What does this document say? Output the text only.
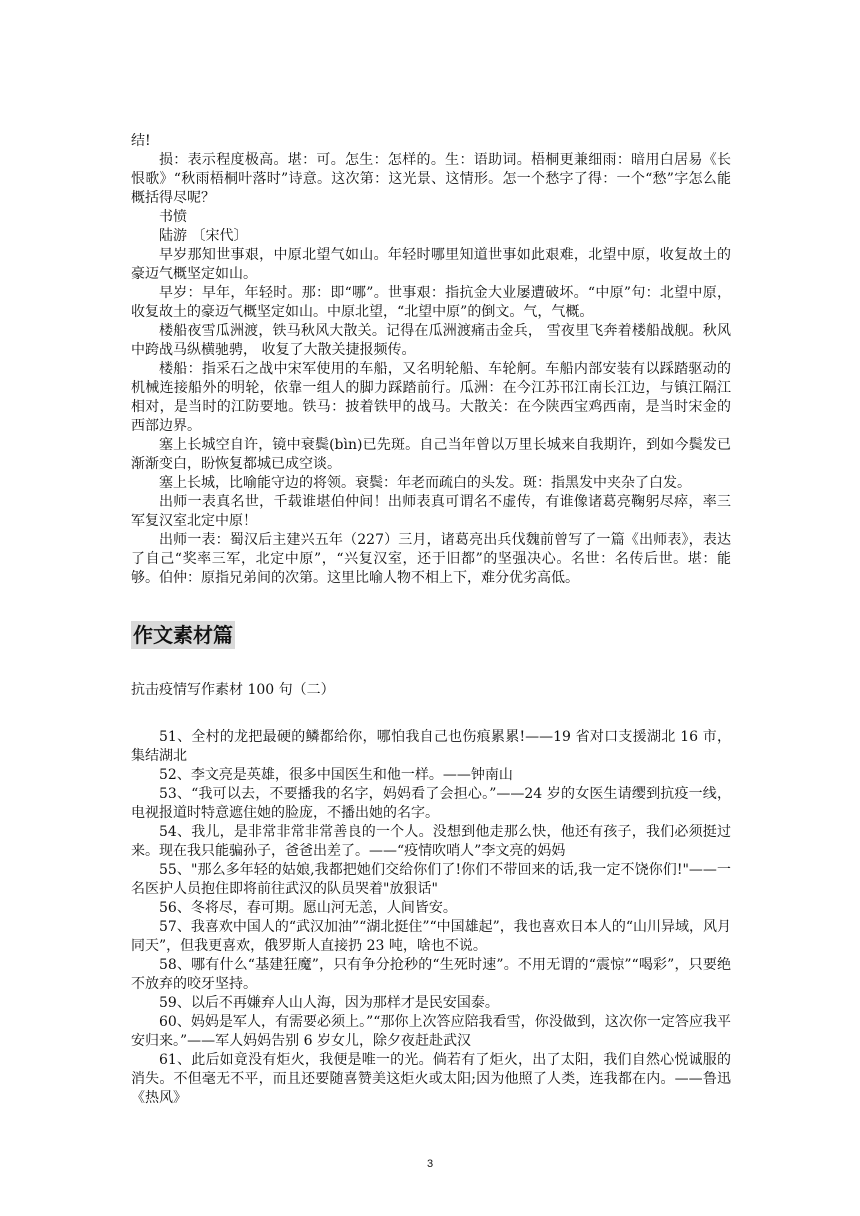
结!

损：表示程度极高。堪：可。怎生：怎样的。生：语助词。梧桐更兼细雨：暗用白居易《长恨歌》“秋雨梧桐叶落时”诗意。这次第：这光景、这情形。怎一个愁字了得：一个“愁”字怎么能概括得尽呢？

书愤

陆游 〔宋代〕

早岁那知世事艰，中原北望气如山。年轻时哪里知道世事如此艰难，北望中原，收复故土的豪迈气概坚定如山。

早岁：早年，年轻时。那：即“哪”。世事艰：指抗金大业屡遭破坏。“中原”句：北望中原，收复故土的豪迈气概坚定如山。中原北望，“北望中原”的倒文。气，气概。

楼船夜雪瓜洲渡，铁马秋风大散关。记得在瓜洲渡痛击金兵， 雪夜里飞奔着楼船战舰。秋风中跨战马纵横驰骋， 收复了大散关捷报频传。

楼船：指采石之战中宋军使用的车船，又名明轮船、车轮舸。车船内部安装有以踩踏驱动的机械连接船外的明轮，依靠一组人的脚力踩踏前行。瓜洲：在今江苏邗江南长江边，与镇江隔江相对，是当时的江防要地。铁马：披着铁甲的战马。大散关：在今陕西宝鸡西南，是当时宋金的西部边界。

塞上长城空自许，镜中衰鬓(bìn)已先斑。自己当年曾以万里长城来自我期许，到如今鬓发已渐渐变白，盼恢复都城已成空谈。

塞上长城，比喻能守边的将领。衰鬓：年老而疏白的头发。斑：指黑发中夹杂了白发。

出师一表真名世，千载谁堪伯仲间！出师表真可谓名不虚传，有谁像诸葛亮鞠躬尽瘁，率三军复汉室北定中原！

出师一表：蜀汉后主建兴五年（227）三月，诸葛亮出兵伐魏前曾写了一篇《出师表》，表达了自己“奖率三军，北定中原”，“兴复汉室，还于旧都”的坚强决心。名世：名传后世。堪：能够。伯仲：原指兄弟间的次第。这里比喻人物不相上下，难分优劣高低。

作文素材篇

抗击疫情写作素材 100 句（二）

51、全村的龙把最硬的鳞都给你，哪怕我自己也伤痕累累!——19 省对口支援湖北 16 市，集结湖北

52、李文亮是英雄，很多中国医生和他一样。——钟南山

53、“我可以去，不要播我的名字，妈妈看了会担心。”——24 岁的女医生请缨到抗疫一线，电视报道时特意遮住她的脸庞，不播出她的名字。

54、我儿，是非常非常非常善良的一个人。没想到他走那么快，他还有孩子，我们必须挺过来。现在我只能骗孙子，爸爸出差了。——“疫情吹哨人”李文亮的妈妈

55、"那么多年轻的姑娘,我都把她们交给你们了!你们不带回来的话,我一定不饶你们!"——一名医护人员抱住即将前往武汉的队员哭着"放狠话"

56、冬将尽，春可期。愿山河无恙，人间皆安。

57、我喜欢中国人的“武汉加油”“湖北挺住”“中国雄起”，我也喜欢日本人的“山川异域，风月同天”，但我更喜欢，俄罗斯人直接扔 23 吨，啥也不说。

58、哪有什么“基建狂魔”，只有争分抢秒的“生死时速”。不用无谓的“震惊”“喝彩”，只要绝不放弃的咬牙坚持。

59、以后不再嫌弃人山人海，因为那样才是民安国泰。

60、妈妈是军人，有需要必须上。”“那你上次答应陪我看雪，你没做到，这次你一定答应我平安归来。”——军人妈妈告别 6 岁女儿，除夕夜赶赴武汉

61、此后如竟没有炬火，我便是唯一的光。倘若有了炬火，出了太阳，我们自然心悦诚服的消失。不但毫无不平，而且还要随喜赞美这炬火或太阳;因为他照了人类，连我都在内。——鲁迅《热风》

3
